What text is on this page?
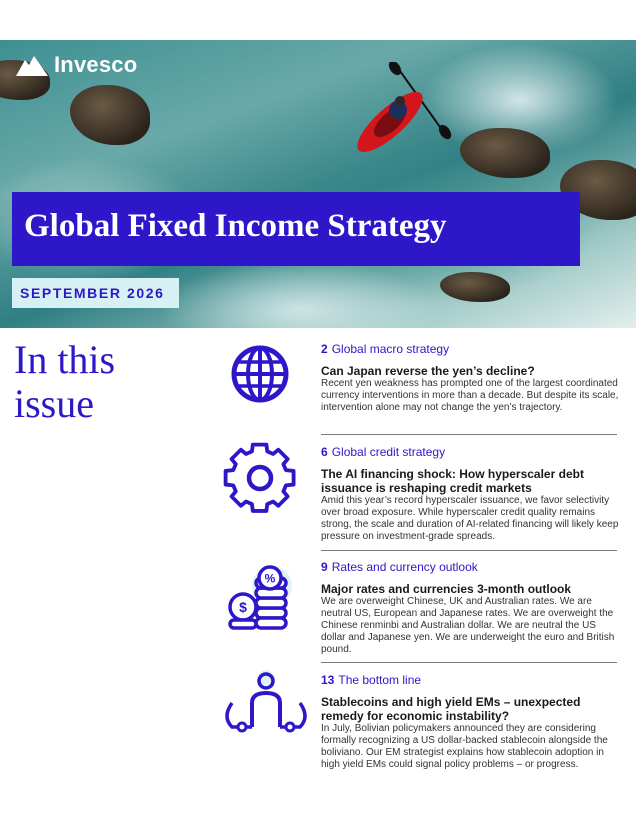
Invesco
Global Fixed Income Strategy
SEPTEMBER 2026
In this
issue
2 Global macro strategy
Can Japan reverse the yen’s decline?
Recent yen weakness has prompted one of the largest coordinated currency interventions in more than a decade. But despite its scale, intervention alone may not change the yen’s trajectory.
6 Global credit strategy
The AI financing shock: How hyperscaler debt issuance is reshaping credit markets
Amid this year’s record hyperscaler issuance, we favor selectivity over broad exposure. While hyperscaler credit quality remains strong, the scale and duration of AI-related financing will likely keep pressure on investment-grade spreads.
%
$
9 Rates and currency outlook
Major rates and currencies 3-month outlook
We are overweight Chinese, UK and Australian rates. We are neutral US, European and Japanese rates. We are overweight the Chinese renminbi and Australian dollar. We are neutral the US dollar and Japanese yen. We are underweight the euro and British pound.
13 The bottom line
Stablecoins and high yield EMs – unexpected remedy for economic instability?
In July, Bolivian policymakers announced they are considering formally recognizing a US dollar-backed stablecoin alongside the boliviano. Our EM strategist explains how stablecoin adoption in high yield EMs could signal policy problems – or progress.
